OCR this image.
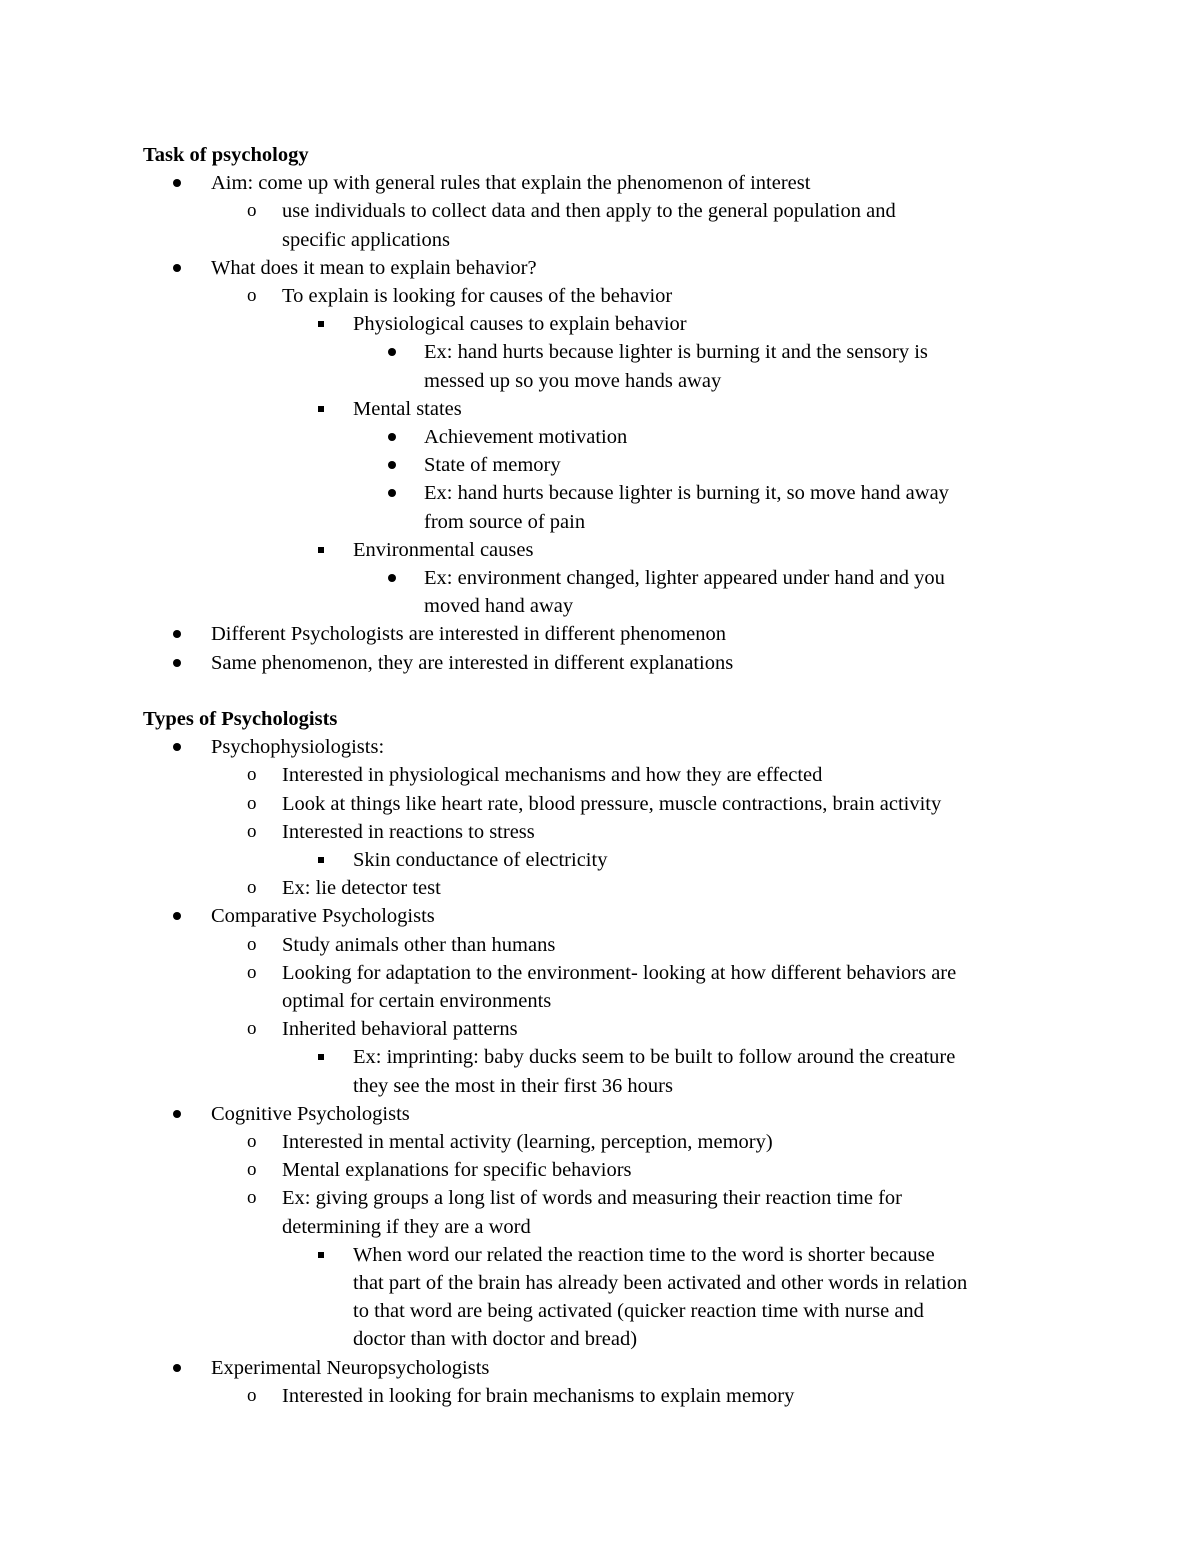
Task of psychology
Aim: come up with general rules that explain the phenomenon of interest
o use individuals to collect data and then apply to the general population and
specific applications
What does it mean to explain behavior?
o To explain is looking for causes of the behavior
Physiological causes to explain behavior
Ex: hand hurts because lighter is burning it and the sensory is
messed up so you move hands away
Mental states
Achievement motivation
State of memory
Ex: hand hurts because lighter is burning it, so move hand away
from source of pain
Environmental causes
Ex: environment changed, lighter appeared under hand and you
moved hand away
Different Psychologists are interested in different phenomenon
Same phenomenon, they are interested in different explanations
Types of Psychologists
Psychophysiologists:
o Interested in physiological mechanisms and how they are effected
o Look at things like heart rate, blood pressure, muscle contractions, brain activity
o Interested in reactions to stress
Skin conductance of electricity
o Ex: lie detector test
Comparative Psychologists
o Study animals other than humans
o Looking for adaptation to the environment- looking at how different behaviors are
optimal for certain environments
o Inherited behavioral patterns
Ex: imprinting: baby ducks seem to be built to follow around the creature
they see the most in their first 36 hours
Cognitive Psychologists
o Interested in mental activity (learning, perception, memory)
o Mental explanations for specific behaviors
o Ex: giving groups a long list of words and measuring their reaction time for
determining if they are a word
When word our related the reaction time to the word is shorter because
that part of the brain has already been activated and other words in relation
to that word are being activated (quicker reaction time with nurse and
doctor than with doctor and bread)
Experimental Neuropsychologists
o Interested in looking for brain mechanisms to explain memory
